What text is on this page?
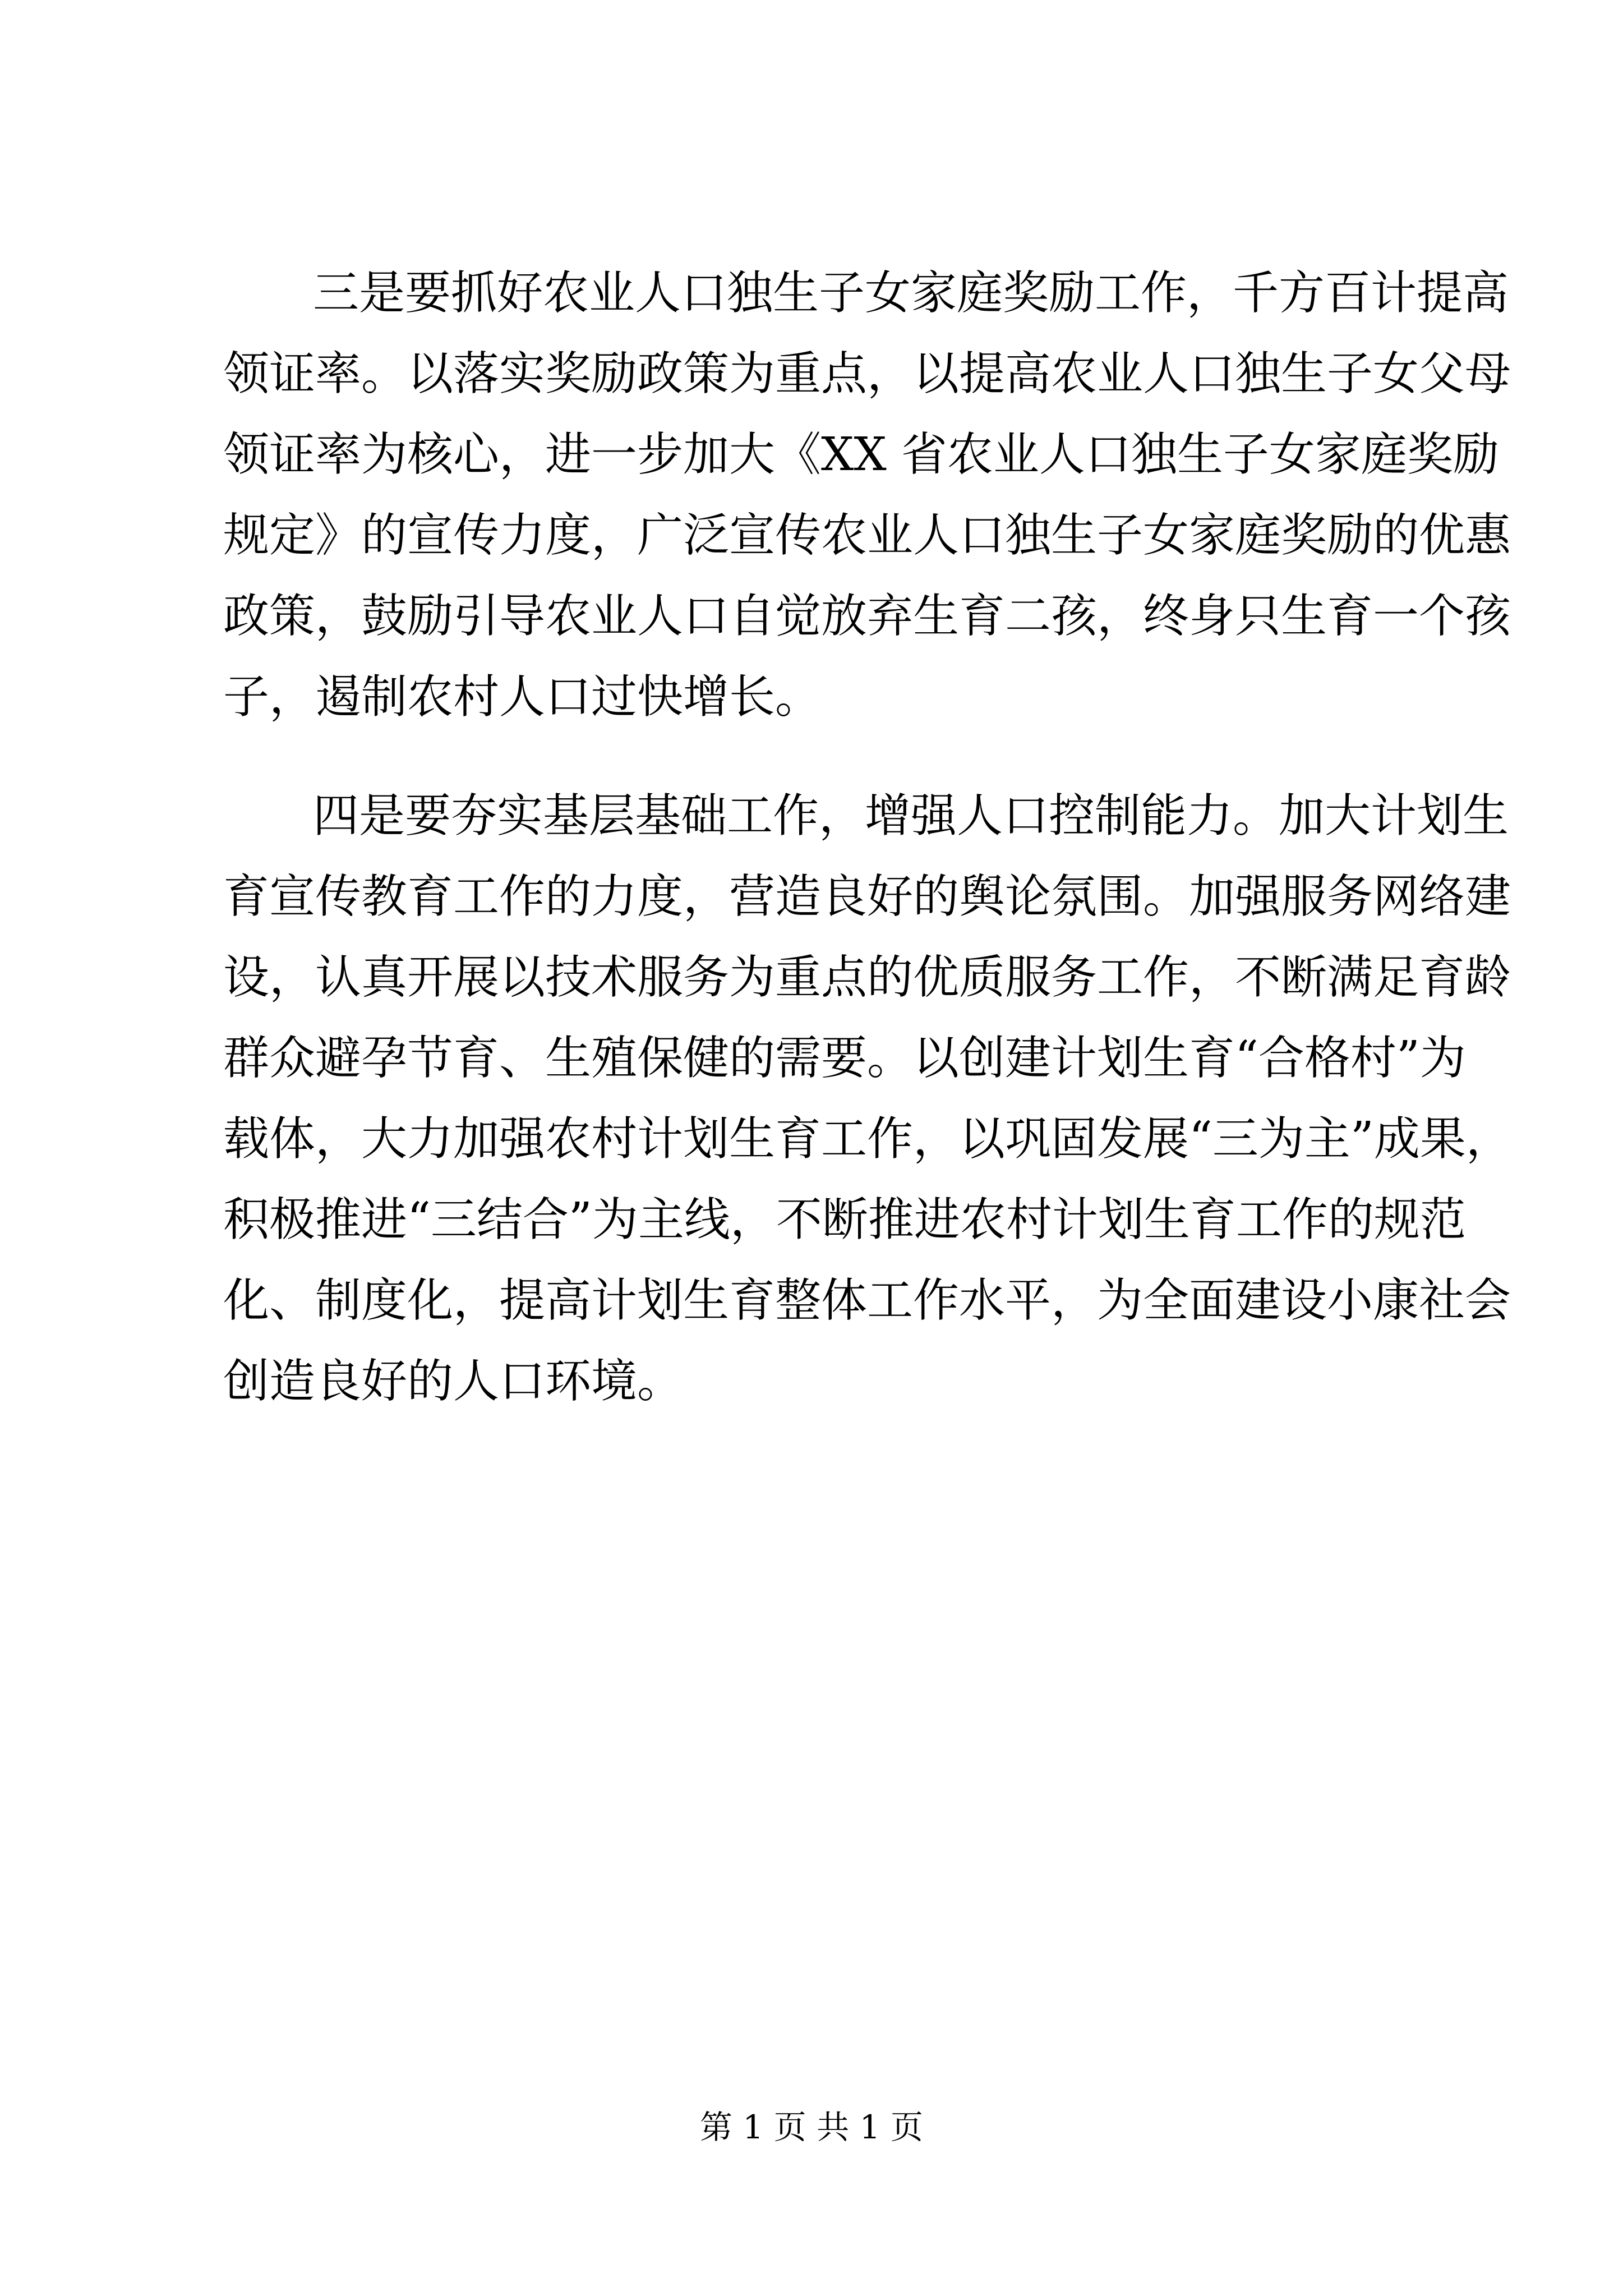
三是要抓好农业人口独生子女家庭奖励工作，千方百计提高
领证率。以落实奖励政策为重点，以提高农业人口独生子女父母
领证率为核心，进一步加大《XX 省农业人口独生子女家庭奖励
规定》的宣传力度，广泛宣传农业人口独生子女家庭奖励的优惠
政策，鼓励引导农业人口自觉放弃生育二孩，终身只生育一个孩
子，遏制农村人口过快增长。
四是要夯实基层基础工作，增强人口控制能力。加大计划生
育宣传教育工作的力度，营造良好的舆论氛围。加强服务网络建
设，认真开展以技术服务为重点的优质服务工作，不断满足育龄
群众避孕节育、生殖保健的需要。以创建计划生育“合格村”为
载体，大力加强农村计划生育工作，以巩固发展“三为主”成果，
积极推进“三结合”为主线，不断推进农村计划生育工作的规范
化、制度化，提高计划生育整体工作水平，为全面建设小康社会
创造良好的人口环境。
第 1 页 共 1 页
